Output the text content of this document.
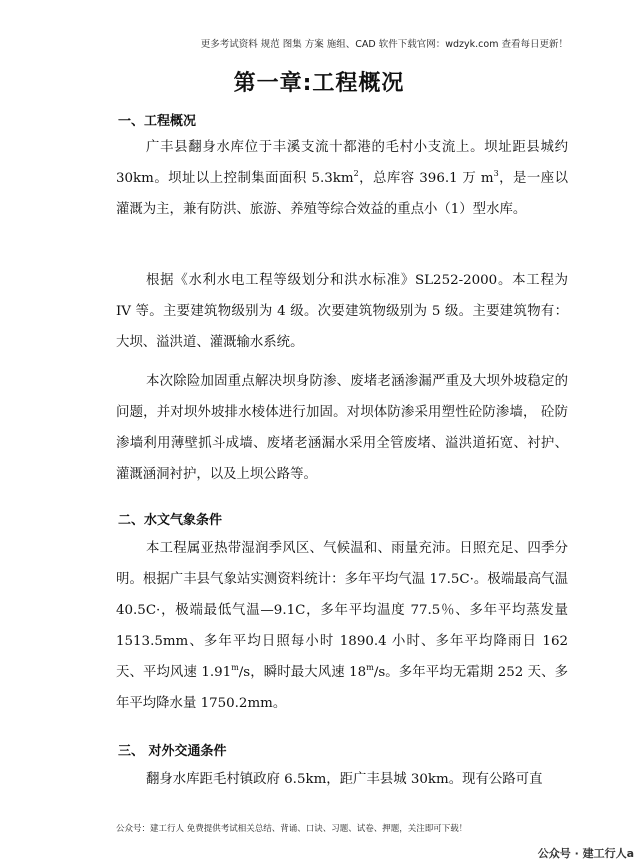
更多考试资料 规范 图集 方案 施组、CAD 软件下载官网：wdzyk.com 查看每日更新！
第一章:工程概况
一、工程概况
广丰县翻身水库位于丰溪支流十都港的毛村小支流上。坝址距县城约 30km。坝址以上控制集面面积 $5.3km^2$，总库容 396.1 万 $m^3$，是一座以灌溉为主，兼有防洪、旅游、养殖等综合效益的重点小（1）型水库。
根据《水利水电工程等级划分和洪水标准》SL252-2000。本工程为 IV 等。主要建筑物级别为 4 级。次要建筑物级别为 5 级。主要建筑物有：大坝、溢洪道、灌溉输水系统。
本次除险加固重点解决坝身防渗、废堵老涵渗漏严重及大坝外坡稳定的问题，并对坝外坡排水棱体进行加固。对坝体防渗采用塑性砼防渗墙， 砼防渗墙利用薄壁抓斗成墙、废堵老涵漏水采用全管废堵、溢洪道拓宽、衬护、灌溉涵洞衬护，以及上坝公路等。
二、水文气象条件
本工程属亚热带湿润季风区、气候温和、雨量充沛。日照充足、四季分明。根据广丰县气象站实测资料统计：多年平均气温 17.5C·。极端最高气温 40.5C·，极端最低气温—9.1C，多年平均温度 77.5％、多年平均蒸发量 1513.5mm、多年平均日照每小时 1890.4 小时、多年平均降雨日 162 天、平均风速 1.91$^m$/s，瞬时最大风速 18$^m$/s。多年平均无霜期 252 天、多年平均降水量 1750.2mm。
三、 对外交通条件
翻身水库距毛村镇政府 6.5km，距广丰县城 30km。现有公路可直
公众号：建工行人 免费提供考试相关总结、背诵、口诀、习题、试卷、押题，关注即可下载！
公众号 · 建工行人a
